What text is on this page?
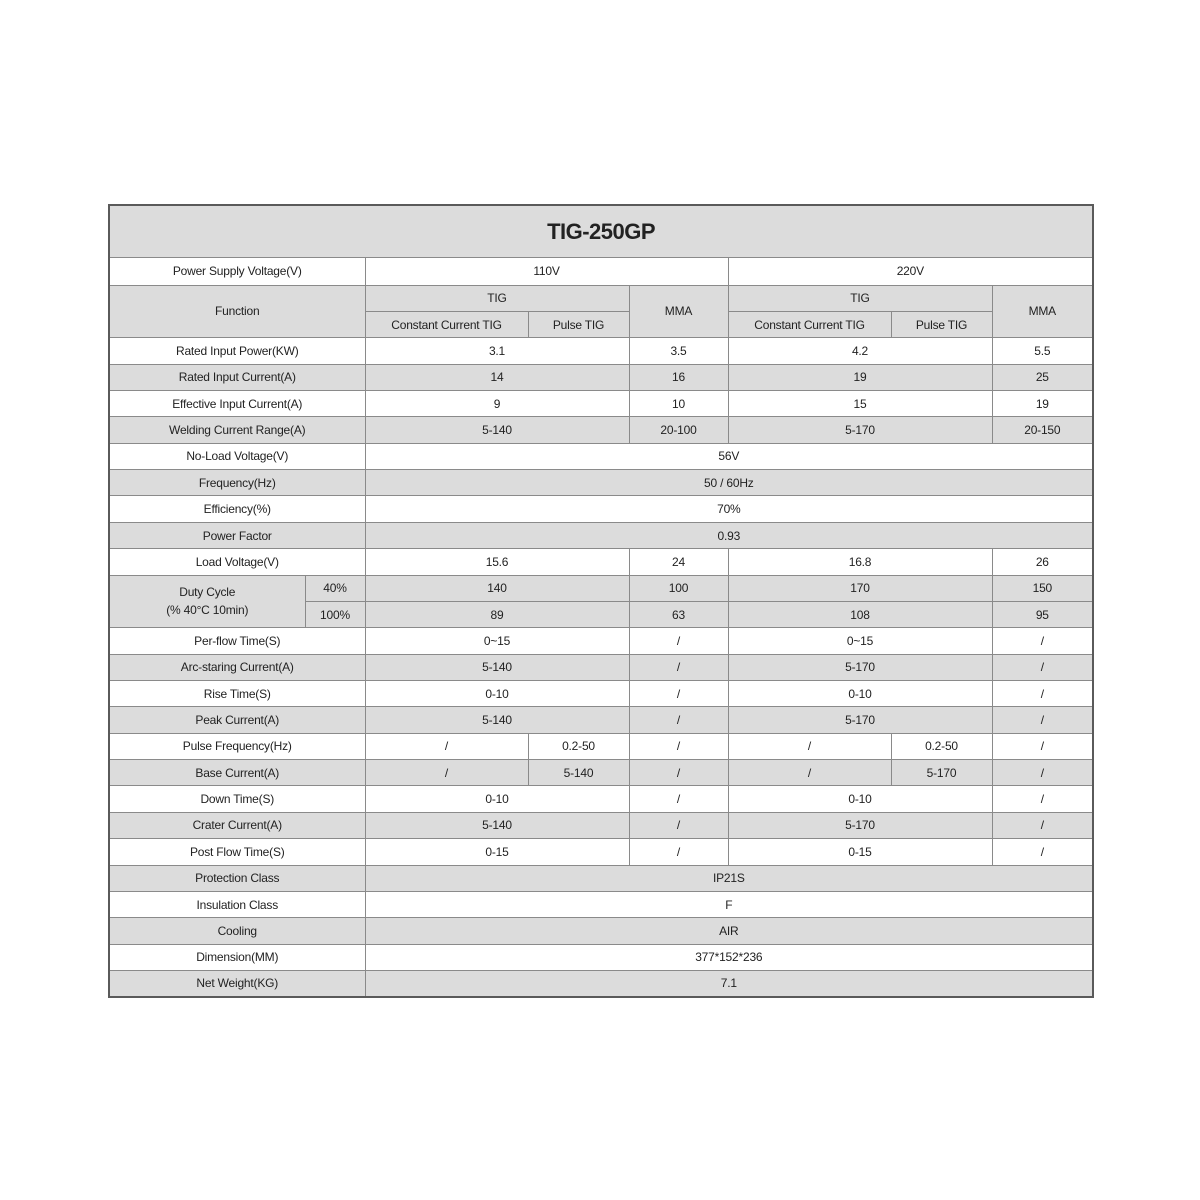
TIG-250GP							
Power Supply Voltage(V)		110V			220V		
Function		TIG		MMA	TIG		MMA
		Constant Current TIG	Pulse TIG		Constant Current TIG	Pulse TIG	
Rated Input Power(KW)		3.1		3.5	4.2		5.5
Rated Input Current(A)		14		16	19		25
Effective Input Current(A)		9		10	15		19
Welding Current Range(A)		5-140		20-100	5-170		20-150
No-Load Voltage(V)		56V					
Frequency(Hz)		50 / 60Hz					
Efficiency(%)		70%					
Power Factor		0.93					
Load Voltage(V)		15.6		24	16.8		26
Duty Cycle
(% 40°C 10min)	40%	140		100	170		150
	100%	89		63	108		95
Per-flow Time(S)		0~15		/	0~15		/
Arc-staring Current(A)		5-140		/	5-170		/
Rise Time(S)		0-10		/	0-10		/
Peak Current(A)		5-140		/	5-170		/
Pulse Frequency(Hz)		/	0.2-50	/	/	0.2-50	/
Base Current(A)		/	5-140	/	/	5-170	/
Down Time(S)		0-10		/	0-10		/
Crater Current(A)		5-140		/	5-170		/
Post Flow Time(S)		0-15		/	0-15		/
Protection Class		IP21S					
Insulation Class		F					
Cooling		AIR					
Dimension(MM)		377*152*236					
Net Weight(KG)		7.1					
